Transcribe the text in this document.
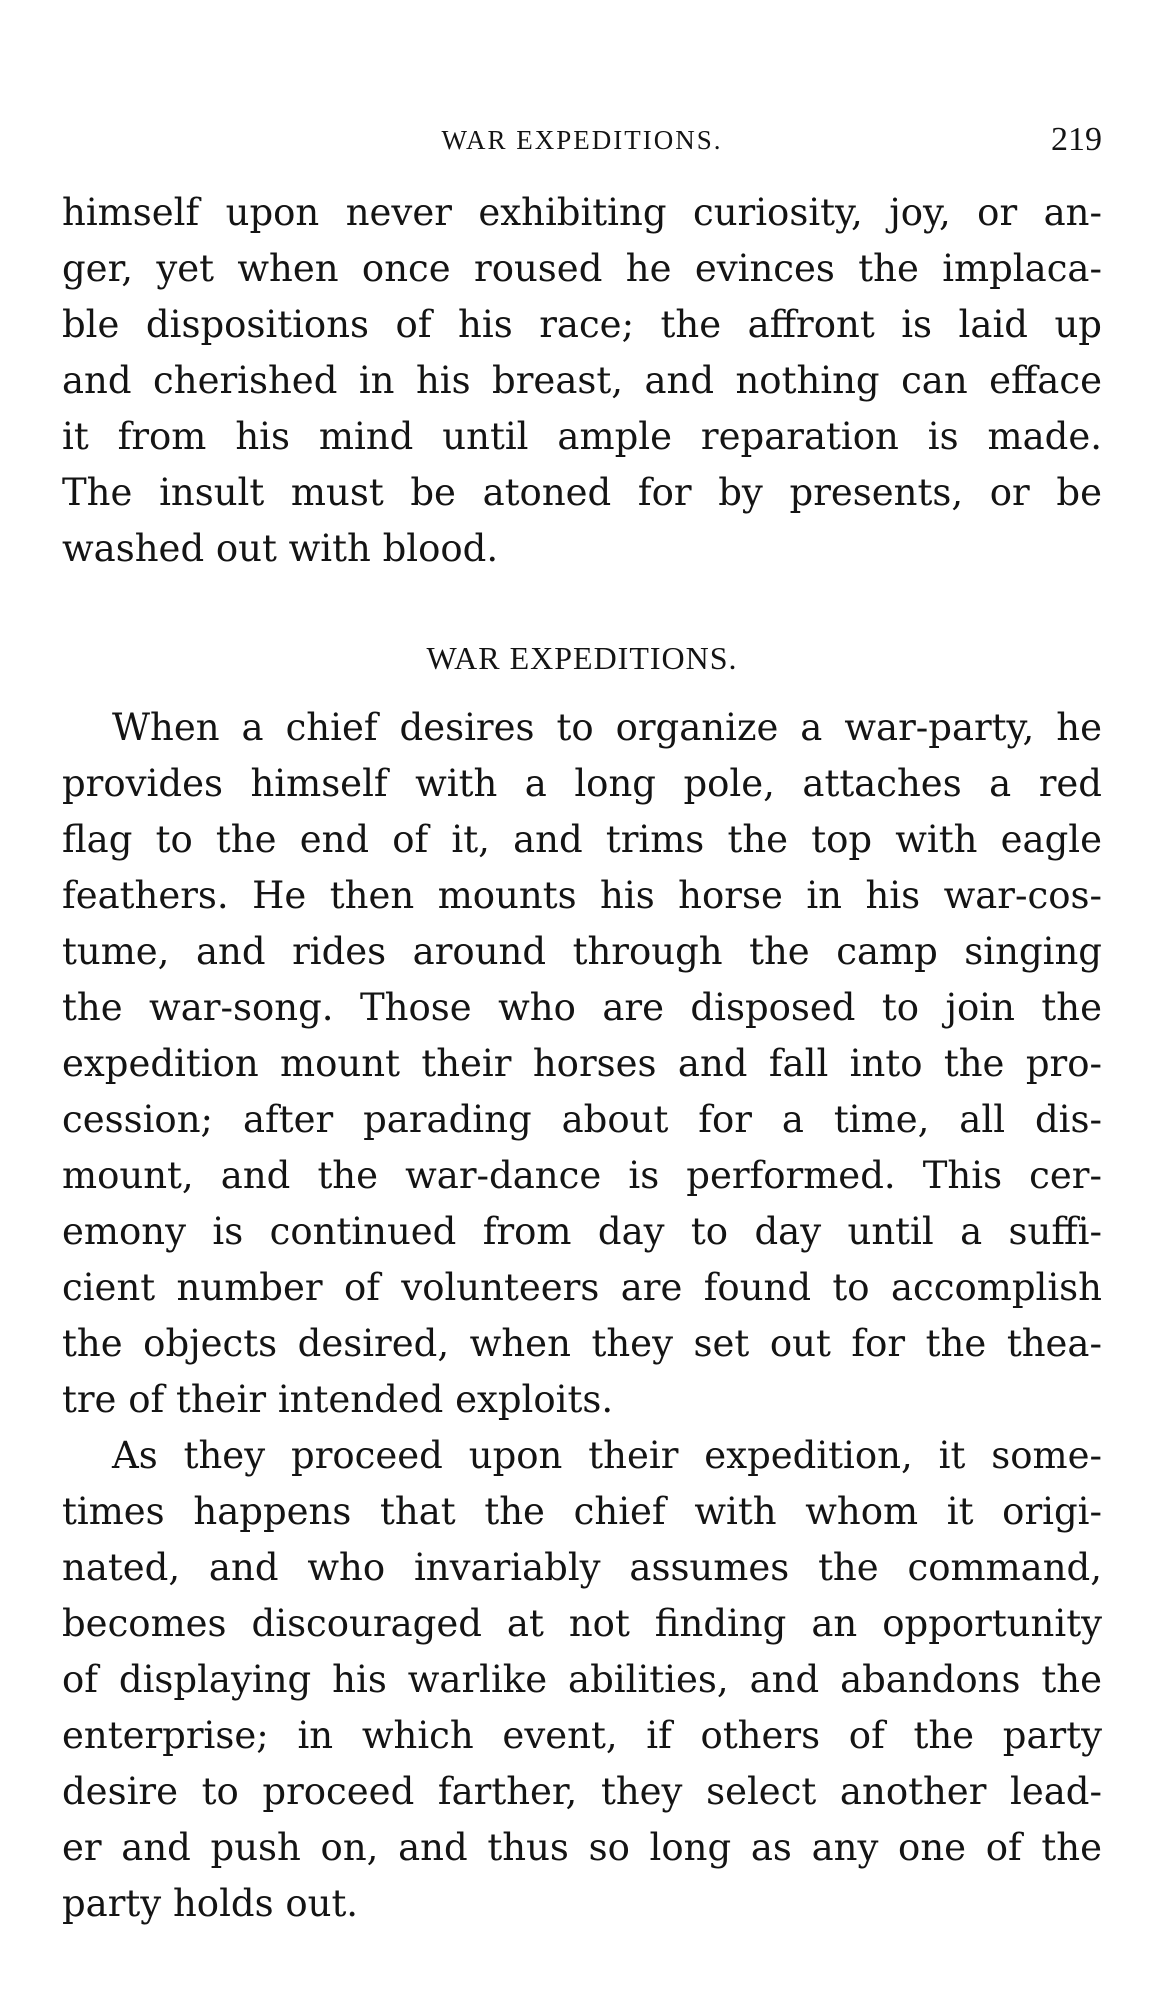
WAR EXPEDITIONS.	219
himself upon never exhibiting curiosity, joy, or an-
ger, yet when once roused he evinces the implaca-
ble dispositions of his race; the affront is laid up
and cherished in his breast, and nothing can efface
it from his mind until ample reparation is made.
The insult must be atoned for by presents, or be
washed out with blood.
WAR EXPEDITIONS.
When a chief desires to organize a war-party, he
provides himself with a long pole, attaches a red
flag to the end of it, and trims the top with eagle
feathers. He then mounts his horse in his war-cos-
tume, and rides around through the camp singing
the war-song. Those who are disposed to join the
expedition mount their horses and fall into the pro-
cession; after parading about for a time, all dis-
mount, and the war-dance is performed. This cer-
emony is continued from day to day until a suffi-
cient number of volunteers are found to accomplish
the objects desired, when they set out for the thea-
tre of their intended exploits.
As they proceed upon their expedition, it some-
times happens that the chief with whom it origi-
nated, and who invariably assumes the command,
becomes discouraged at not finding an opportunity
of displaying his warlike abilities, and abandons the
enterprise; in which event, if others of the party
desire to proceed farther, they select another lead-
er and push on, and thus so long as any one of the
party holds out.
